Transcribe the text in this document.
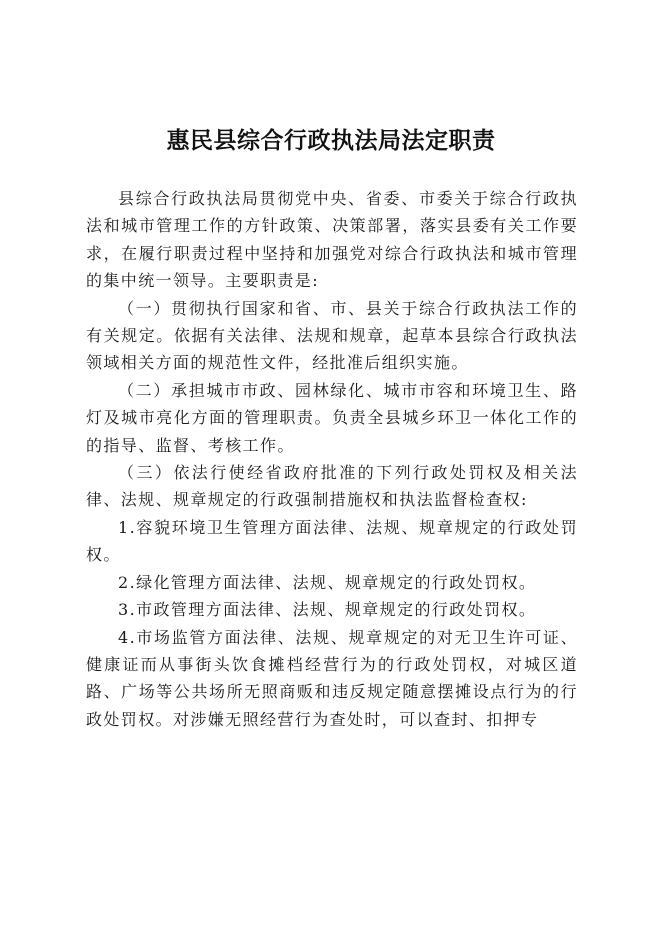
惠民县综合行政执法局法定职责

县综合行政执法局贯彻党中央、省委、市委关于综合行政执法和城市管理工作的方针政策、决策部署，落实县委有关工作要求，在履行职责过程中坚持和加强党对综合行政执法和城市管理的集中统一领导。主要职责是:

（一）贯彻执行国家和省、市、县关于综合行政执法工作的有关规定。依据有关法律、法规和规章，起草本县综合行政执法领域相关方面的规范性文件，经批准后组织实施。

（二）承担城市市政、园林绿化、城市市容和环境卫生、路灯及城市亮化方面的管理职责。负责全县城乡环卫一体化工作的的指导、监督、考核工作。

（三）依法行使经省政府批准的下列行政处罚权及相关法律、法规、规章规定的行政强制措施权和执法监督检查权:

1.容貌环境卫生管理方面法律、法规、规章规定的行政处罚权。

2.绿化管理方面法律、法规、规章规定的行政处罚权。

3.市政管理方面法律、法规、规章规定的行政处罚权。

4.市场监管方面法律、法规、规章规定的对无卫生许可证、健康证而从事街头饮食摊档经营行为的行政处罚权，对城区道路、广场等公共场所无照商贩和违反规定随意摆摊设点行为的行政处罚权。对涉嫌无照经营行为查处时，可以查封、扣押专
